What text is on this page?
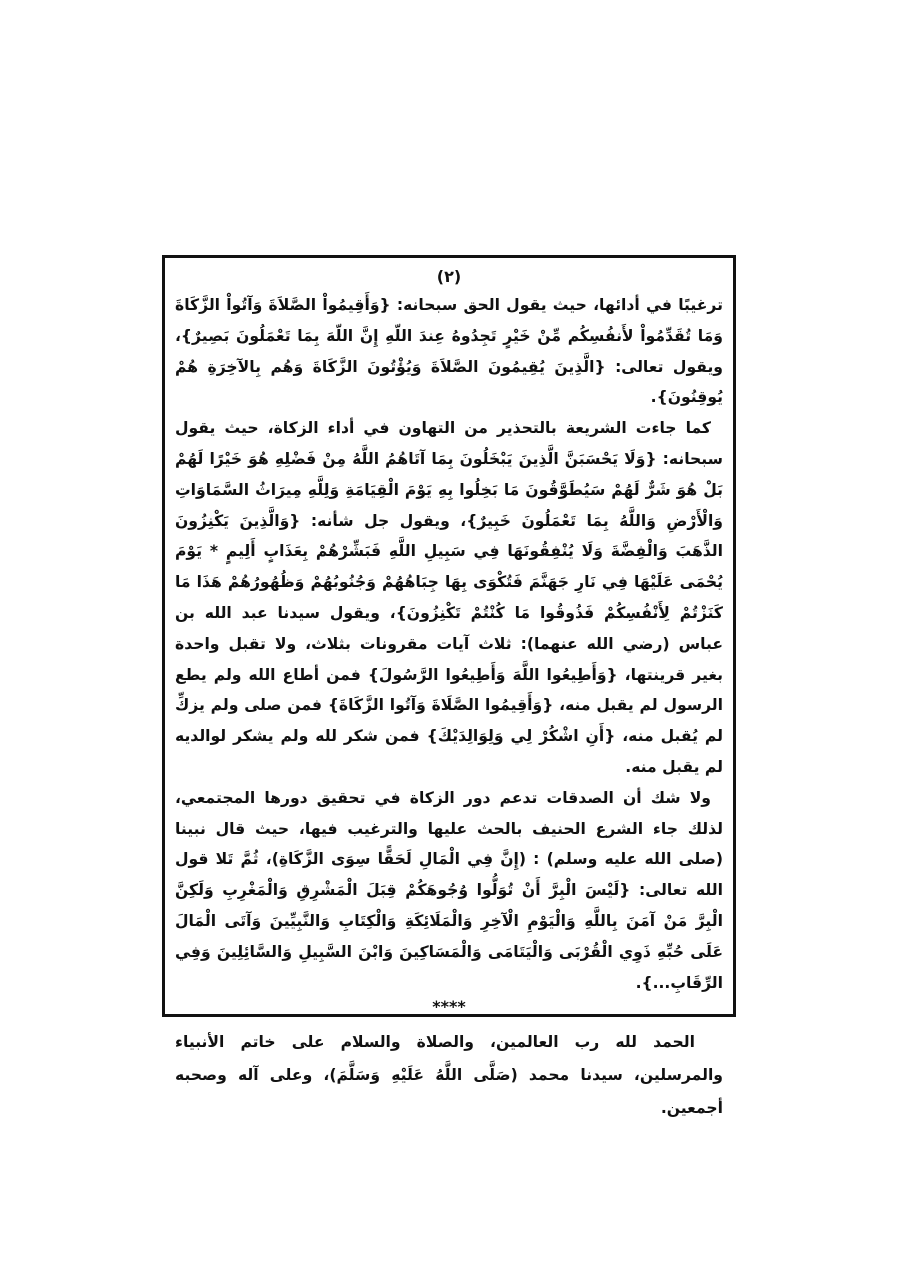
(٢)

ترغيبًا في أدائها، حيث يقول الحق سبحانه: {وَأَقِيمُواْ الصَّلاَةَ وَآتُواْ الزَّكَاةَ وَمَا تُقَدِّمُواْ لأَنفُسِكُم مِّنْ خَيْرٍ تَجِدُوهُ عِندَ اللّهِ إِنَّ اللّهَ بِمَا تَعْمَلُونَ بَصِيرٌ}، ويقول تعالى: {الَّذِينَ يُقِيمُونَ الصَّلاَةَ وَيُؤْتُونَ الزَّكَاةَ وَهُم بِالآخِرَةِ هُمْ يُوقِنُونَ}.

كما جاءت الشريعة بالتحذير من التهاون في أداء الزكاة، حيث يقول سبحانه: {وَلَا يَحْسَبَنَّ الَّذِينَ يَبْخَلُونَ بِمَا آتَاهُمُ اللَّهُ مِنْ فَضْلِهِ هُوَ خَيْرًا لَهُمْ بَلْ هُوَ شَرٌّ لَهُمْ سَيُطَوَّقُونَ مَا بَخِلُوا بِهِ يَوْمَ الْقِيَامَةِ وَلِلَّهِ مِيرَاثُ السَّمَاوَاتِ وَالْأَرْضِ وَاللَّهُ بِمَا تَعْمَلُونَ خَبِيرٌ}، ويقول جل شأنه: {وَالَّذِينَ يَكْنِزُونَ الذَّهَبَ وَالْفِضَّةَ وَلَا يُنْفِقُونَهَا فِي سَبِيلِ اللَّهِ فَبَشِّرْهُمْ بِعَذَابٍ أَلِيمٍ * يَوْمَ يُحْمَى عَلَيْهَا فِي نَارِ جَهَنَّمَ فَتُكْوَى بِهَا جِبَاهُهُمْ وَجُنُوبُهُمْ وَظُهُورُهُمْ هَذَا مَا كَنَزْتُمْ لِأَنْفُسِكُمْ فَذُوقُوا مَا كُنْتُمْ تَكْنِزُونَ}، ويقول سيدنا عبد الله بن عباس (رضي الله عنهما): ثلاث آيات مقرونات بثلاث، ولا تقبل واحدة بغير قرينتها، {وَأَطِيعُوا اللَّهَ وَأَطِيعُوا الرَّسُولَ} فمن أطاع الله ولم يطع الرسول لم يقبل منه، {وَأَقِيمُوا الصَّلَاةَ وَآتُوا الزَّكَاةَ} فمن صلى ولم يزكِّ لم يُقبل منه، {أَنِ اشْكُرْ لِي وَلِوَالِدَيْكَ} فمن شكر لله ولم يشكر لوالديه لم يقبل منه.

ولا شك أن الصدقات تدعم دور الزكاة في تحقيق دورها المجتمعي، لذلك جاء الشرع الحنيف بالحث عليها والترغيب فيها، حيث قال نبينا (صلى الله عليه وسلم) : (إِنَّ فِي الْمَالِ لَحَقًّا سِوَى الزَّكَاةِ)، ثُمَّ تَلا قول الله تعالى: {لَيْسَ الْبِرَّ أَنْ تُوَلُّوا وُجُوهَكُمْ قِبَلَ الْمَشْرِقِ وَالْمَغْرِبِ وَلَكِنَّ الْبِرَّ مَنْ آمَنَ بِاللَّهِ وَالْيَوْمِ الْآخِرِ وَالْمَلَائِكَةِ وَالْكِتَابِ وَالنَّبِيِّينَ وَآتَى الْمَالَ عَلَى حُبِّهِ ذَوِي الْقُرْبَى وَالْيَتَامَى وَالْمَسَاكِينَ وَابْنَ السَّبِيلِ وَالسَّائِلِينَ وَفِي الرِّقَابِ...}.

****

الحمد لله رب العالمين، والصلاة والسلام على خاتم الأنبياء والمرسلين، سيدنا محمد (صَلَّى اللَّهُ عَلَيْهِ وَسَلَّمَ)، وعلى آله وصحبه أجمعين.
